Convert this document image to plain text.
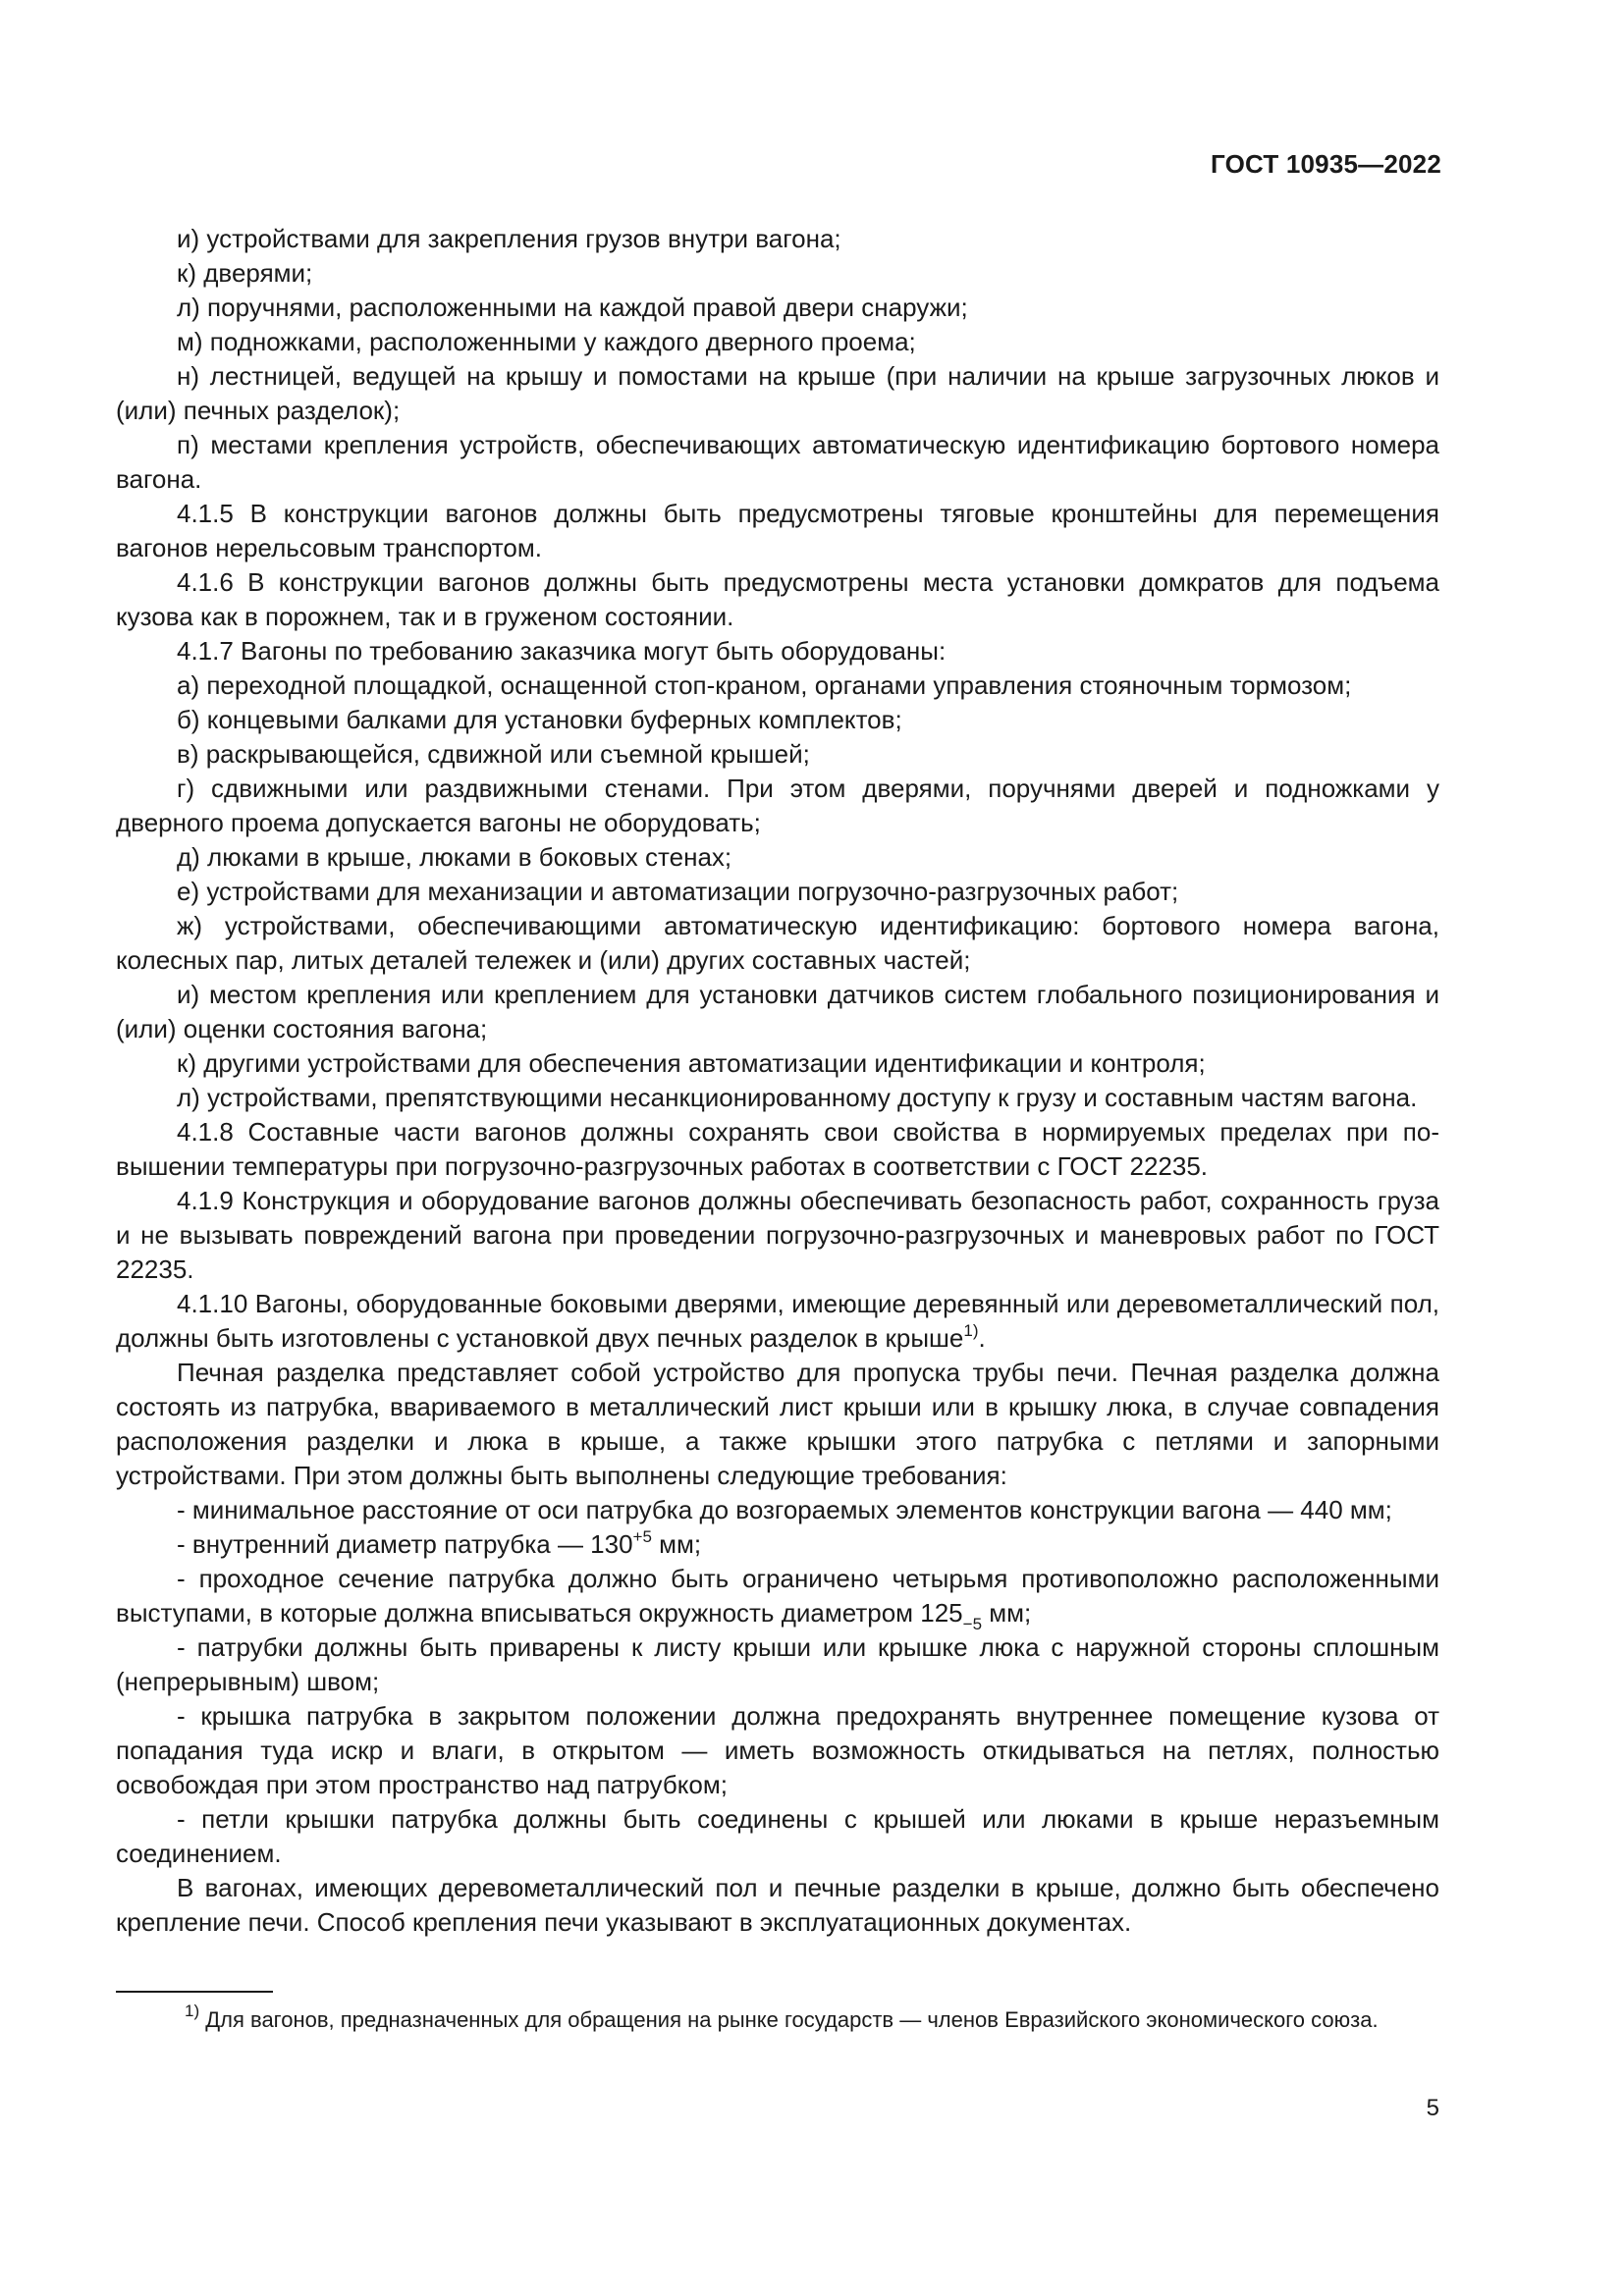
ГОСТ 10935—2022

и) устройствами для закрепления грузов внутри вагона;

к) дверями;

л) поручнями, расположенными на каждой правой двери снаружи;

м) подножками, расположенными у каждого дверного проема;

н) лестницей, ведущей на крышу и помостами на крыше (при наличии на крыше загрузочных люков и (или) печных разделок);

п) местами крепления устройств, обеспечивающих автоматическую идентификацию бортового номера вагона.

4.1.5 В конструкции вагонов должны быть предусмотрены тяговые кронштейны для перемещения вагонов нерельсовым транспортом.

4.1.6 В конструкции вагонов должны быть предусмотрены места установки домкратов для подъема кузова как в порожнем, так и в груженом состоянии.

4.1.7 Вагоны по требованию заказчика могут быть оборудованы:

а) переходной площадкой, оснащенной стоп-краном, органами управления стояночным тормозом;

б) концевыми балками для установки буферных комплектов;

в) раскрывающейся, сдвижной или съемной крышей;

г) сдвижными или раздвижными стенами. При этом дверями, поручнями дверей и подножками у дверного проема допускается вагоны не оборудовать;

д) люками в крыше, люками в боковых стенах;

е) устройствами для механизации и автоматизации погрузочно-разгрузочных работ;

ж) устройствами, обеспечивающими автоматическую идентификацию: бортового номера вагона, колесных пар, литых деталей тележек и (или) других составных частей;

и) местом крепления или креплением для установки датчиков систем глобального позиционирования и (или) оценки состояния вагона;

к) другими устройствами для обеспечения автоматизации идентификации и контроля;

л) устройствами, препятствующими несанкционированному доступу к грузу и составным частям вагона.

4.1.8 Составные части вагонов должны сохранять свои свойства в нормируемых пределах при повышении температуры при погрузочно-разгрузочных работах в соответствии с ГОСТ 22235.

4.1.9 Конструкция и оборудование вагонов должны обеспечивать безопасность работ, сохранность груза и не вызывать повреждений вагона при проведении погрузочно-разгрузочных и маневровых работ по ГОСТ 22235.

4.1.10 Вагоны, оборудованные боковыми дверями, имеющие деревянный или деревометаллический пол, должны быть изготовлены с установкой двух печных разделок в крыше$^{1)}$.

Печная разделка представляет собой устройство для пропуска трубы печи. Печная разделка должна состоять из патрубка, ввариваемого в металлический лист крыши или в крышку люка, в случае совпадения расположения разделки и люка в крыше, а также крышки этого патрубка с петлями и запорными устройствами. При этом должны быть выполнены следующие требования:

- минимальное расстояние от оси патрубка до возгораемых элементов конструкции вагона — 440 мм;

- внутренний диаметр патрубка — $130^{+5}$ мм;

- проходное сечение патрубка должно быть ограничено четырьмя противоположно расположенными выступами, в которые должна вписываться окружность диаметром $125_{-5}$ мм;

- патрубки должны быть приварены к листу крыши или крышке люка с наружной стороны сплошным (непрерывным) швом;

- крышка патрубка в закрытом положении должна предохранять внутреннее помещение кузова от попадания туда искр и влаги, в открытом — иметь возможность откидываться на петлях, полностью освобождая при этом пространство над патрубком;

- петли крышки патрубка должны быть соединены с крышей или люками в крыше неразъемным соединением.

В вагонах, имеющих деревометаллический пол и печные разделки в крыше, должно быть обеспечено крепление печи. Способ крепления печи указывают в эксплуатационных документах.

$^{1)}$ Для вагонов, предназначенных для обращения на рынке государств — членов Евразийского экономического союза.
5
